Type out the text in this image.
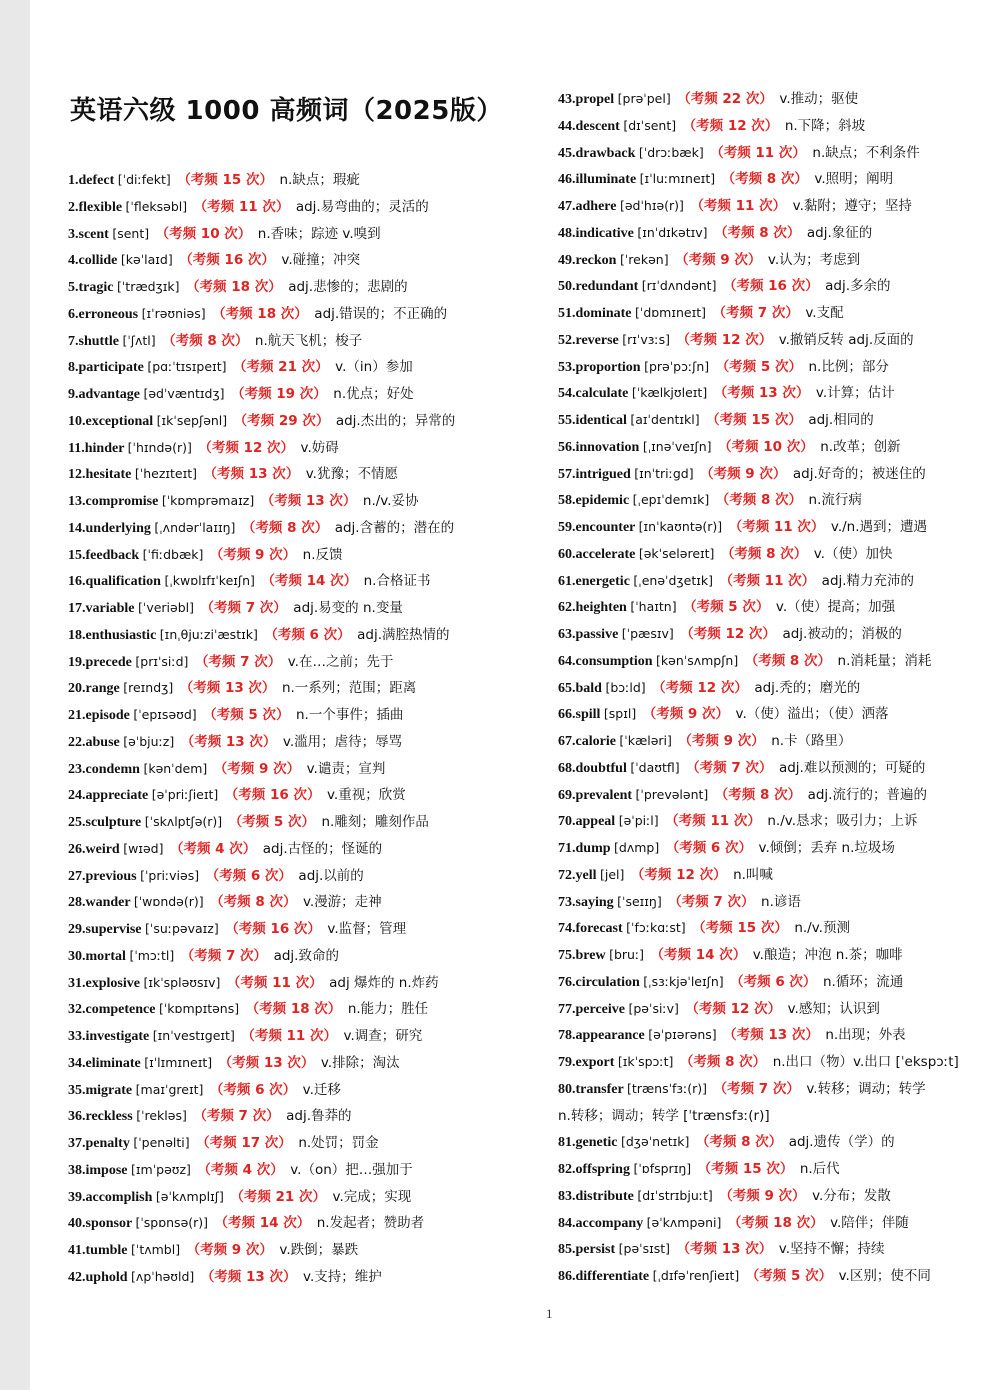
英语六级 1000 高频词（2025版）
1.defect [ˈdiːfekt] （考频 15 次） n.缺点；瑕疵
2.flexible [ˈfleksəbl] （考频 11 次） adj.易弯曲的；灵活的
3.scent [sent] （考频 10 次） n.香味；踪迹 v.嗅到
4.collide [kəˈlaɪd] （考频 16 次） v.碰撞；冲突
5.tragic [ˈtrædʒɪk] （考频 18 次） adj.悲惨的；悲剧的
6.erroneous [ɪˈrəʊniəs] （考频 18 次） adj.错误的；不正确的
7.shuttle [ˈʃʌtl] （考频 8 次） n.航天飞机；梭子
8.participate [pɑːˈtɪsɪpeɪt] （考频 21 次） v.（in）参加
9.advantage [ədˈvæntɪdʒ] （考频 19 次） n.优点；好处
10.exceptional [ɪkˈsepʃənl] （考频 29 次） adj.杰出的；异常的
11.hinder [ˈhɪndə(r)] （考频 12 次） v.妨碍
12.hesitate [ˈhezɪteɪt] （考频 13 次） v.犹豫；不情愿
13.compromise [ˈkɒmprəmaɪz] （考频 13 次） n./v.妥协
14.underlying [ˌʌndərˈlaɪɪŋ] （考频 8 次） adj.含蓄的；潜在的
15.feedback [ˈfiːdbæk] （考频 9 次） n.反馈
16.qualification [ˌkwɒlɪfɪˈkeɪʃn] （考频 14 次） n.合格证书
17.variable [ˈveriəbl] （考频 7 次） adj.易变的 n.变量
18.enthusiastic [ɪnˌθjuːziˈæstɪk] （考频 6 次） adj.满腔热情的
19.precede [prɪˈsiːd] （考频 7 次） v.在…之前；先于
20.range [reɪndʒ] （考频 13 次） n.一系列；范围；距离
21.episode [ˈepɪsəʊd] （考频 5 次） n.一个事件；插曲
22.abuse [əˈbjuːz] （考频 13 次） v.滥用；虐待；辱骂
23.condemn [kənˈdem] （考频 9 次） v.谴责；宣判
24.appreciate [əˈpriːʃieɪt] （考频 16 次） v.重视；欣赏
25.sculpture [ˈskʌlptʃə(r)] （考频 5 次） n.雕刻；雕刻作品
26.weird [wɪəd] （考频 4 次） adj.古怪的；怪诞的
27.previous [ˈpriːviəs] （考频 6 次） adj.以前的
28.wander [ˈwɒndə(r)] （考频 8 次） v.漫游；走神
29.supervise [ˈsuːpəvaɪz] （考频 16 次） v.监督；管理
30.mortal [ˈmɔːtl] （考频 7 次） adj.致命的
31.explosive [ɪkˈspləʊsɪv] （考频 11 次） adj 爆炸的 n.炸药
32.competence [ˈkɒmpɪtəns] （考频 18 次） n.能力；胜任
33.investigate [ɪnˈvestɪgeɪt] （考频 11 次） v.调查；研究
34.eliminate [ɪˈlɪmɪneɪt] （考频 13 次） v.排除；淘汰
35.migrate [maɪˈgreɪt] （考频 6 次） v.迁移
36.reckless [ˈrekləs] （考频 7 次） adj.鲁莽的
37.penalty [ˈpenəlti] （考频 17 次） n.处罚；罚金
38.impose [ɪmˈpəʊz] （考频 4 次） v.（on）把…强加于
39.accomplish [əˈkʌmplɪʃ] （考频 21 次） v.完成；实现
40.sponsor [ˈspɒnsə(r)] （考频 14 次） n.发起者；赞助者
41.tumble [ˈtʌmbl] （考频 9 次） v.跌倒；暴跌
42.uphold [ʌpˈhəʊld] （考频 13 次） v.支持；维护
43.propel [prəˈpel] （考频 22 次） v.推动；驱使
44.descent [dɪˈsent] （考频 12 次） n.下降；斜坡
45.drawback [ˈdrɔːbæk] （考频 11 次） n.缺点；不利条件
46.illuminate [ɪˈluːmɪneɪt] （考频 8 次） v.照明；阐明
47.adhere [ədˈhɪə(r)] （考频 11 次） v.黏附；遵守；坚持
48.indicative [ɪnˈdɪkətɪv] （考频 8 次） adj.象征的
49.reckon [ˈrekən] （考频 9 次） v.认为；考虑到
50.redundant [rɪˈdʌndənt] （考频 16 次） adj.多余的
51.dominate [ˈdɒmɪneɪt] （考频 7 次） v.支配
52.reverse [rɪˈvɜːs] （考频 12 次） v.撤销反转 adj.反面的
53.proportion [prəˈpɔːʃn] （考频 5 次） n.比例；部分
54.calculate [ˈkælkjʊleɪt] （考频 13 次） v.计算；估计
55.identical [aɪˈdentɪkl] （考频 15 次） adj.相同的
56.innovation [ˌɪnəˈveɪʃn] （考频 10 次） n.改革；创新
57.intrigued [ɪnˈtriːgd] （考频 9 次） adj.好奇的；被迷住的
58.epidemic [ˌepɪˈdemɪk] （考频 8 次） n.流行病
59.encounter [ɪnˈkaʊntə(r)] （考频 11 次） v./n.遇到；遭遇
60.accelerate [əkˈseləreɪt] （考频 8 次） v.（使）加快
61.energetic [ˌenəˈdʒetɪk] （考频 11 次） adj.精力充沛的
62.heighten [ˈhaɪtn] （考频 5 次） v.（使）提高；加强
63.passive [ˈpæsɪv] （考频 12 次） adj.被动的；消极的
64.consumption [kənˈsʌmpʃn] （考频 8 次） n.消耗量；消耗
65.bald [bɔːld] （考频 12 次） adj.秃的；磨光的
66.spill [spɪl] （考频 9 次） v.（使）溢出；（使）洒落
67.calorie [ˈkæləri] （考频 9 次） n.卡（路里）
68.doubtful [ˈdaʊtfl] （考频 7 次） adj.难以预测的；可疑的
69.prevalent [ˈprevələnt] （考频 8 次） adj.流行的；普遍的
70.appeal [əˈpiːl] （考频 11 次） n./v.恳求；吸引力；上诉
71.dump [dʌmp] （考频 6 次） v.倾倒；丢弃 n.垃圾场
72.yell [jel] （考频 12 次） n.叫喊
73.saying [ˈseɪɪŋ] （考频 7 次） n.谚语
74.forecast [ˈfɔːkɑːst] （考频 15 次） n./v.预测
75.brew [bruː] （考频 14 次） v.酿造；冲泡 n.茶；咖啡
76.circulation [ˌsɜːkjəˈleɪʃn] （考频 6 次） n.循环；流通
77.perceive [pəˈsiːv] （考频 12 次） v.感知；认识到
78.appearance [əˈpɪərəns] （考频 13 次） n.出现；外表
79.export [ɪkˈspɔːt] （考频 8 次） n.出口（物）v.出口 [ˈekspɔːt]
80.transfer [trænsˈfɜː(r)] （考频 7 次） v.转移；调动；转学
n.转移；调动；转学 [ˈtrænsfɜː(r)]
81.genetic [dʒəˈnetɪk] （考频 8 次） adj.遗传（学）的
82.offspring [ˈɒfsprɪŋ] （考频 15 次） n.后代
83.distribute [dɪˈstrɪbjuːt] （考频 9 次） v.分布；发散
84.accompany [əˈkʌmpəni] （考频 18 次） v.陪伴；伴随
85.persist [pəˈsɪst] （考频 13 次） v.坚持不懈；持续
86.differentiate [ˌdɪfəˈrenʃieɪt] （考频 5 次） v.区别；使不同
1
